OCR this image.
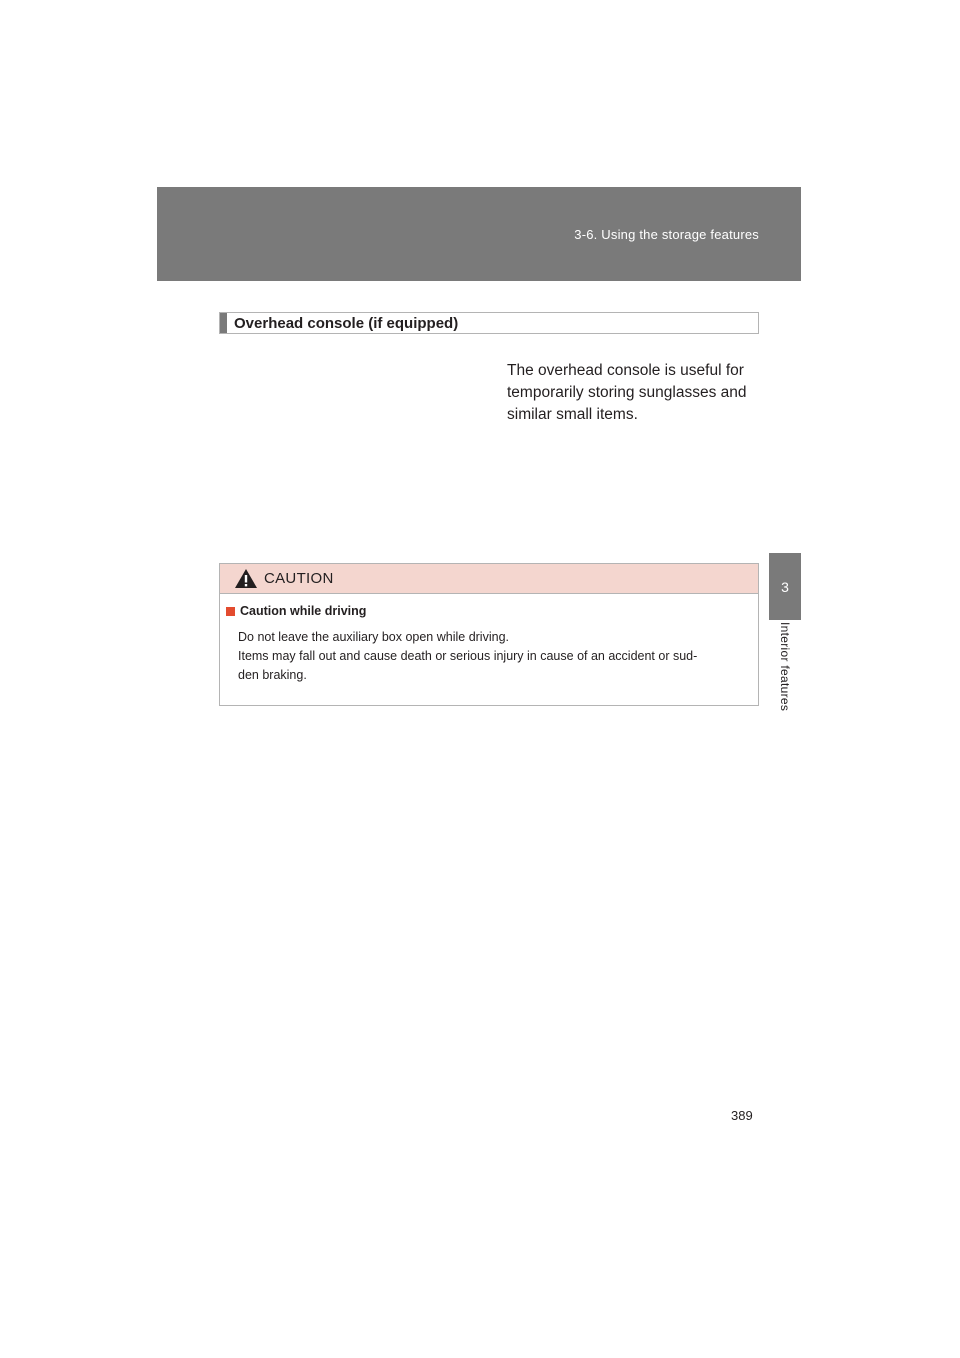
3-6. Using the storage features
3
Interior features
Overhead console (if equipped)
The overhead console is useful for
temporarily storing sunglasses and
similar small items.
CAUTION
Caution while driving
Do not leave the auxiliary box open while driving.
Items may fall out and cause death or serious injury in cause of an accident or sud-
den braking.
389
